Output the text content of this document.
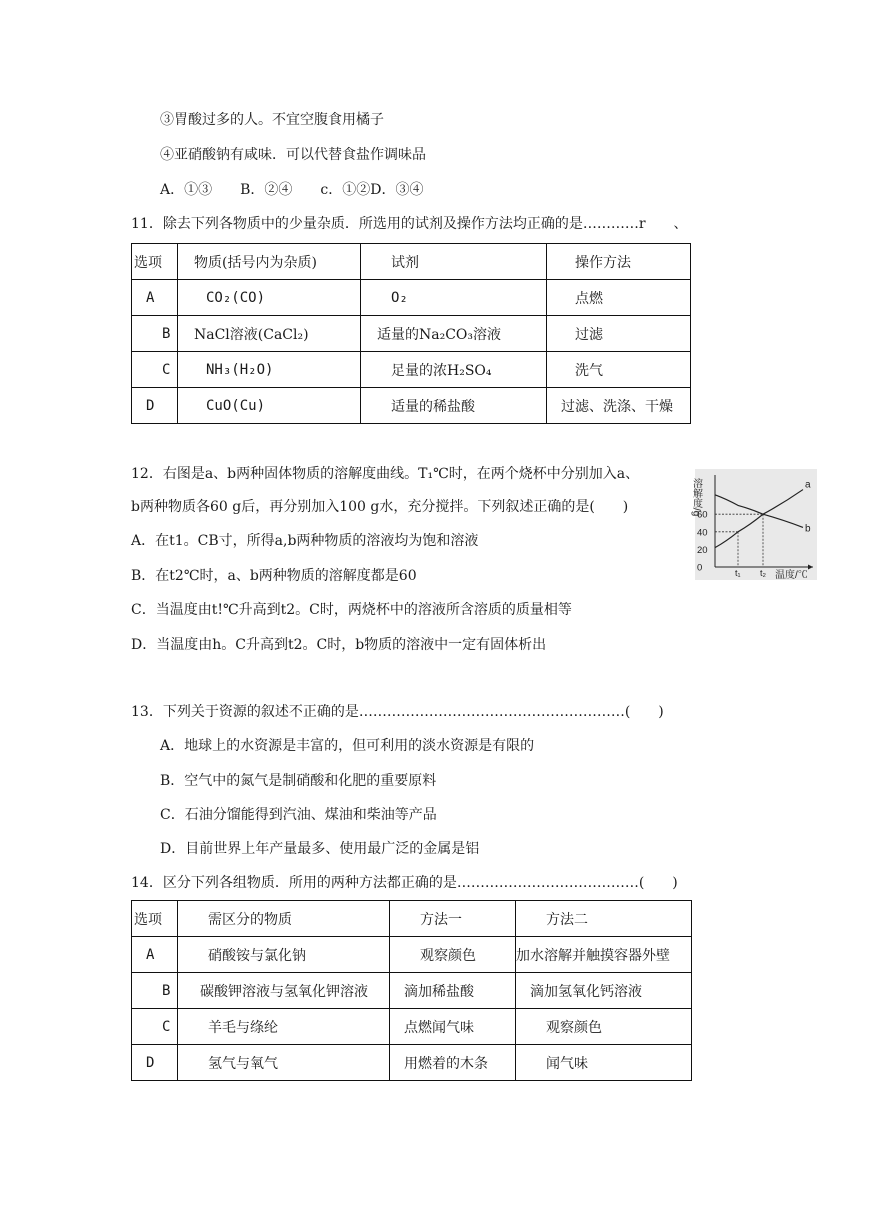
③胃酸过多的人。不宜空腹食用橘子
④亚硝酸钠有咸味．可以代替食盐作调味品
A．①③　　B．②④　　c．①②D．③④
11．除去下列各物质中的少量杂质．所选用的试剂及操作方法均正确的是…………r　　、
选项	物质(括号内为杂质)	试剂	操作方法
A	CO₂(CO)	O₂	点燃
B	NaCl溶液(CaCl₂)	适量的Na₂CO₃溶液	过滤
C	NH₃(H₂O)	足量的浓H₂SO₄	洗气
D	CuO(Cu)	适量的稀盐酸	过滤、洗涤、干燥
12．右图是a、b两种固体物质的溶解度曲线。T₁℃时，在两个烧杯中分别加入a、
b两种物质各60 g后，再分别加入100 g水，充分搅拌。下列叙述正确的是(　　)
A．在t1。CB寸，所得a,b两种物质的溶液均为饱和溶液
B．在t2℃时，a、b两种物质的溶解度都是60
C．当温度由t!℃升高到t2。C时，两烧杯中的溶液所含溶质的质量相等
D．当温度由h。C升高到t2。C时，b物质的溶液中一定有固体析出
溶解度/g
温度/℃
60
40
20
0
a
b
t₁ t₂
13．下列关于资源的叙述不正确的是…………………………………………………(　　)
A．地球上的水资源是丰富的，但可利用的淡水资源是有限的
B．空气中的氮气是制硝酸和化肥的重要原料
C．石油分馏能得到汽油、煤油和柴油等产品
D．目前世界上年产量最多、使用最广泛的金属是铝
14．区分下列各组物质．所用的两种方法都正确的是…………………………………(　　)
选项	需区分的物质	方法一	方法二
A	硝酸铵与氯化钠	观察颜色	加水溶解并触摸容器外壁
B	碳酸钾溶液与氢氧化钾溶液	滴加稀盐酸	滴加氢氧化钙溶液
C	羊毛与绦纶	点燃闻气味	观察颜色
D	氢气与氧气	用燃着的木条	闻气味
